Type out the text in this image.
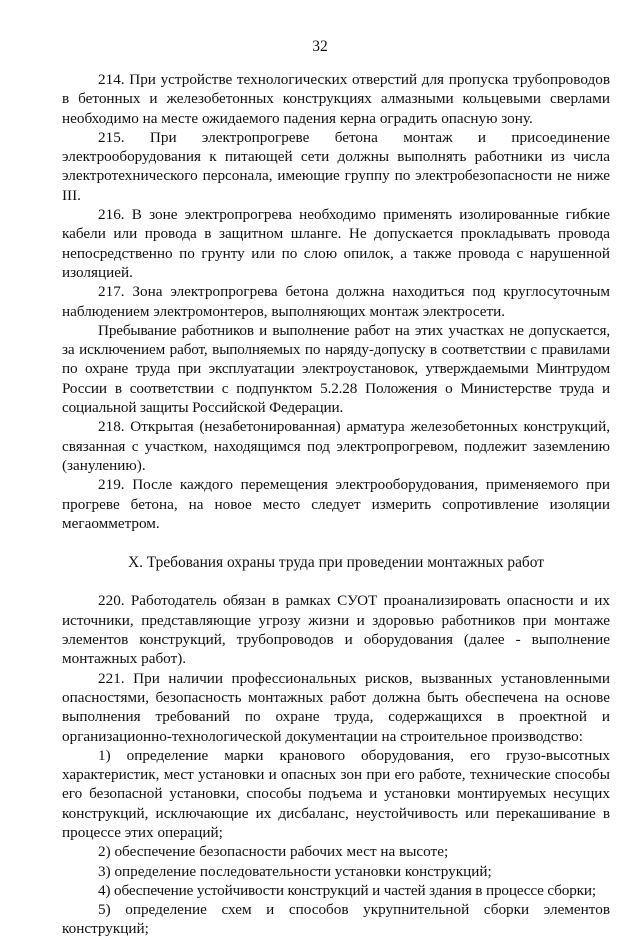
32

214. При устройстве технологических отверстий для пропуска трубопроводов в бетонных и железобетонных конструкциях алмазными кольцевыми сверлами необходимо на месте ожидаемого падения керна оградить опасную зону.

215. При электропрогреве бетона монтаж и присоединение электрооборудования к питающей сети должны выполнять работники из числа электротехнического персонала, имеющие группу по электробезопасности не ниже III.

216. В зоне электропрогрева необходимо применять изолированные гибкие кабели или провода в защитном шланге. Не допускается прокладывать провода непосредственно по грунту или по слою опилок, а также провода с нарушенной изоляцией.

217. Зона электропрогрева бетона должна находиться под круглосуточным наблюдением электромонтеров, выполняющих монтаж электросети.

Пребывание работников и выполнение работ на этих участках не допускается, за исключением работ, выполняемых по наряду-допуску в соответствии с правилами по охране труда при эксплуатации электроустановок, утверждаемыми Минтрудом России в соответствии с подпунктом 5.2.28 Положения о Министерстве труда и социальной защиты Российской Федерации.

218. Открытая (незабетонированная) арматура железобетонных конструкций, связанная с участком, находящимся под электропрогревом, подлежит заземлению (занулению).

219. После каждого перемещения электрооборудования, применяемого при прогреве бетона, на новое место следует измерить сопротивление изоляции мегаомметром.

X. Требования охраны труда при проведении монтажных работ

220. Работодатель обязан в рамках СУОТ проанализировать опасности и их источники, представляющие угрозу жизни и здоровью работников при монтаже элементов конструкций, трубопроводов и оборудования (далее - выполнение монтажных работ).

221. При наличии профессиональных рисков, вызванных установленными опасностями, безопасность монтажных работ должна быть обеспечена на основе выполнения требований по охране труда, содержащихся в проектной и организационно-технологической документации на строительное производство:

1) определение марки кранового оборудования, его грузо-высотных характеристик, мест установки и опасных зон при его работе, технические способы его безопасной установки, способы подъема и установки монтируемых несущих конструкций, исключающие их дисбаланс, неустойчивость или перекашивание в процессе этих операций;

2) обеспечение безопасности рабочих мест на высоте;

3) определение последовательности установки конструкций;

4) обеспечение устойчивости конструкций и частей здания в процессе сборки;

5) определение схем и способов укрупнительной сборки элементов конструкций;
